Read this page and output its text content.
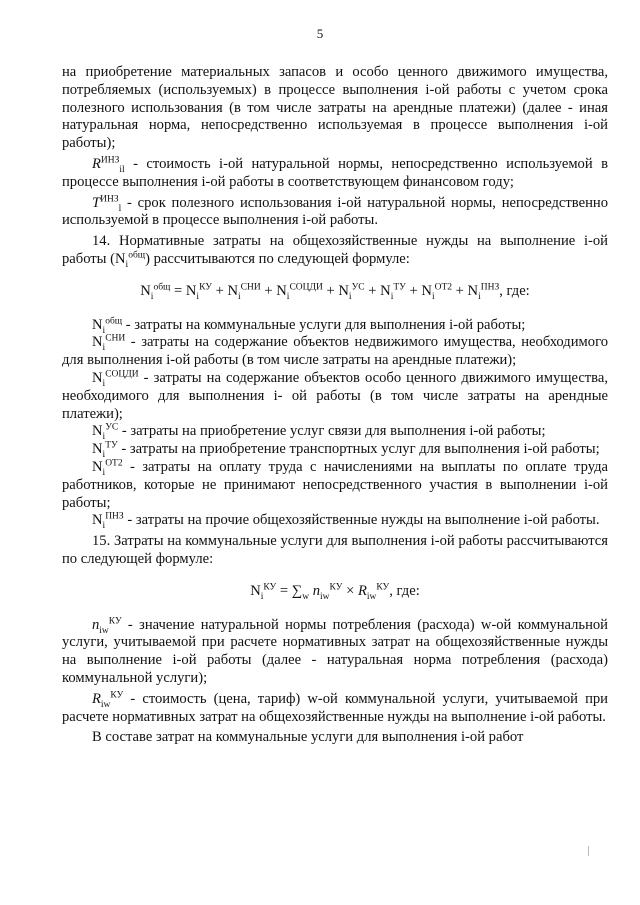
5

на приобретение материальных запасов и особо ценного движимого имущества, потребляемых (используемых) в процессе выполнения i-ой работы с учетом срока полезного использования (в том числе затраты на арендные платежи) (далее - иная натуральная норма, непосредственно используемая в процессе выполнения i-ой работы);

$R^{ИНЗ}_{il}$ - стоимость i-ой натуральной нормы, непосредственно используемой в процессе выполнения i-ой работы в соответствующем финансовом году;

$T^{ИНЗ}_l$ - срок полезного использования i-ой натуральной нормы, непосредственно используемой в процессе выполнения i-ой работы.

14. Нормативные затраты на общехозяйственные нужды на выполнение i-ой работы $(N_i^{общ})$ рассчитываются по следующей формуле:

$N_i^{общ} = N_i^{КУ} + N_i^{СНИ} + N_i^{СОЦДИ} + N_i^{УС} + N_i^{ТУ} + N_i^{ОТ2} + N_i^{ПНЗ}$, где:

$N_i^{общ}$ - затраты на коммунальные услуги для выполнения i-ой работы;

$N_i^{СНИ}$ - затраты на содержание объектов недвижимого имущества, необходимого для выполнения i-ой работы (в том числе затраты на арендные платежи);

$N_i^{СОЦДИ}$ - затраты на содержание объектов особо ценного движимого имущества, необходимого для выполнения i- ой работы (в том числе затраты на арендные платежи);

$N_i^{УС}$ - затраты на приобретение услуг связи для выполнения i-ой работы;

$N_i^{ТУ}$ - затраты на приобретение транспортных услуг для выполнения i-ой работы;

$N_i^{ОТ2}$ - затраты на оплату труда с начислениями на выплаты по оплате труда работников, которые не принимают непосредственного участия в выполнении i-ой работы;

$N_i^{ПНЗ}$ - затраты на прочие общехозяйственные нужды на выполнение i-ой работы.

15. Затраты на коммунальные услуги для выполнения i-ой работы рассчитываются по следующей формуле:

$N_i^{КУ} = \sum_w$ $n_{iw}^{КУ} \times R_{iw}^{КУ}$, где:

$n_{iw}^{КУ}$ - значение натуральной нормы потребления (расхода) w-ой коммунальной услуги, учитываемой при расчете нормативных затрат на общехозяйственные нужды на выполнение i-ой работы (далее - натуральная норма потребления (расхода) коммунальной услуги);

$R_{iw}^{КУ}$ - стоимость (цена, тариф) w-ой коммунальной услуги, учитываемой при расчете нормативных затрат на общехозяйственные нужды на выполнение i-ой работы.

В составе затрат на коммунальные услуги для выполнения i-ой работ
